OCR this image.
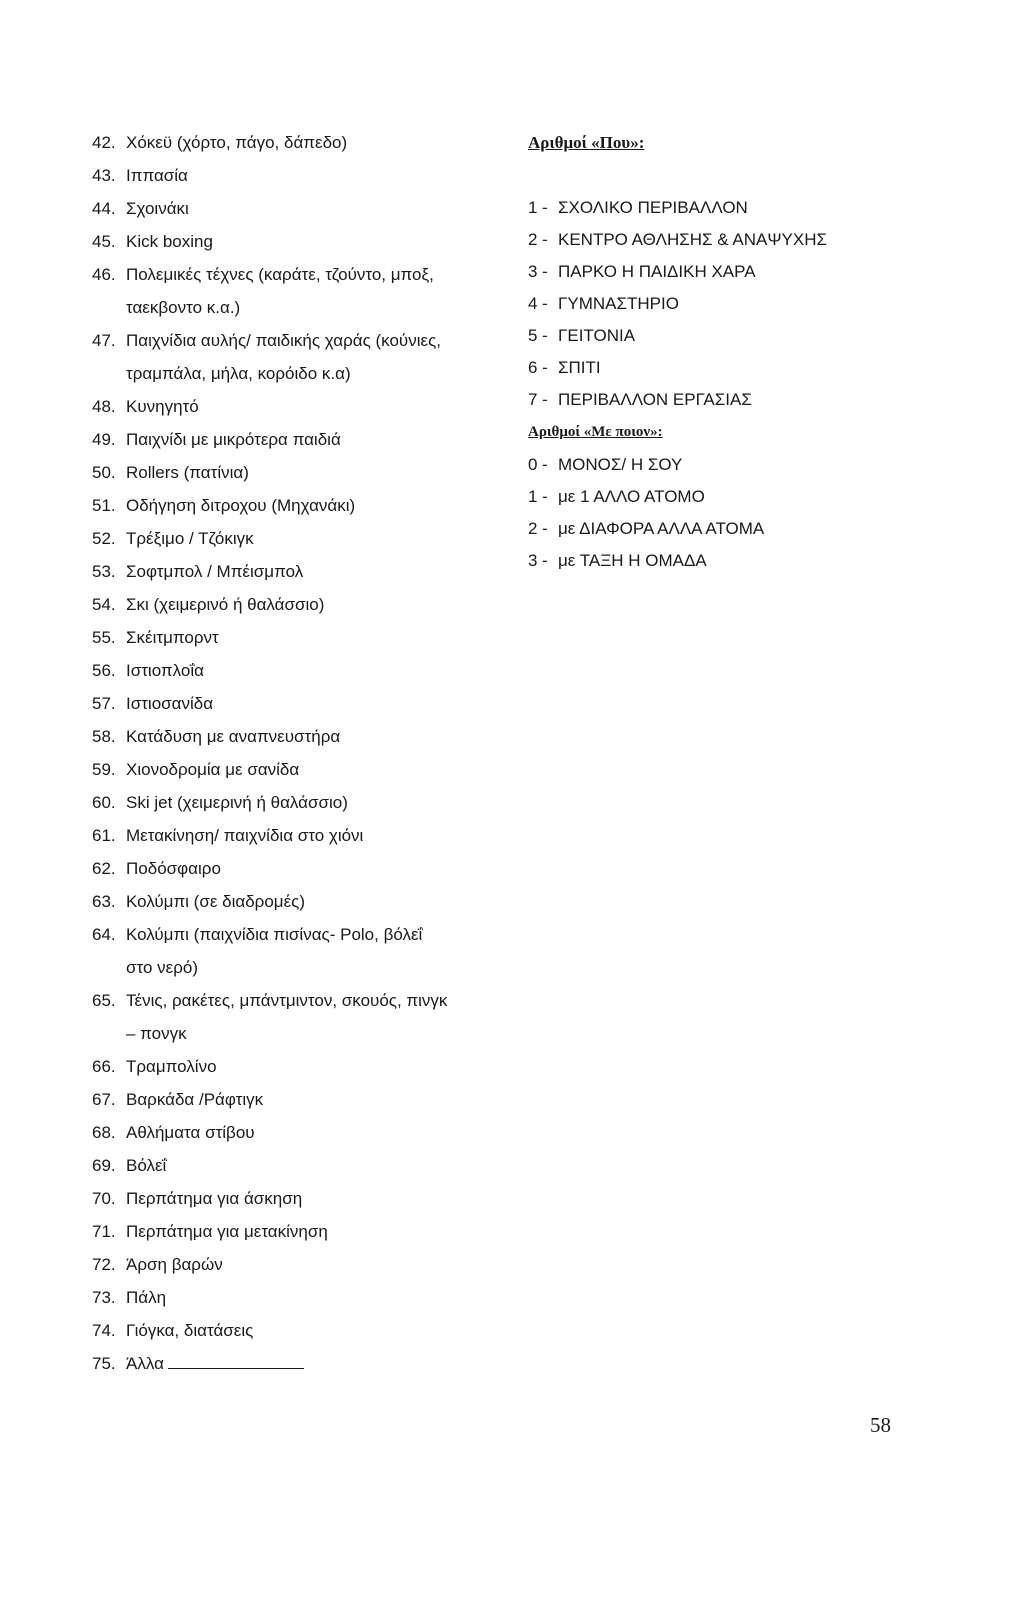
42. Χόκεϋ (χόρτο, πάγο, δάπεδο)
43. Ιππασία
44. Σχοινάκι
45. Kick boxing
46. Πολεμικές τέχνες (καράτε, τζούντο, μποξ,
ταεκβοντο κ.α.)
47. Παιχνίδια αυλής/ παιδικής χαράς (κούνιες,
τραμπάλα, μήλα, κορόιδο κ.α)
48. Κυνηγητό
49. Παιχνίδι με μικρότερα παιδιά
50. Rollers (πατίνια)
51. Οδήγηση διτροχου (Μηχανάκι)
52. Τρέξιμο / Τζόκιγκ
53. Σοφτμπολ / Μπέισμπολ
54. Σκι (χειμερινό ή θαλάσσιο)
55. Σκέιτμπορντ
56. Ιστιοπλοΐα
57. Ιστιοσανίδα
58. Κατάδυση με αναπνευστήρα
59. Χιονοδρομία με σανίδα
60. Ski jet (χειμερινή ή θαλάσσιο)
61. Μετακίνηση/ παιχνίδια στο χιόνι
62. Ποδόσφαιρο
63. Κολύμπι (σε διαδρομές)
64. Κολύμπι (παιχνίδια πισίνας- Polo, βόλεΐ
στο νερό)
65. Τένις, ρακέτες, μπάντμιντον, σκουός, πινγκ
– πονγκ
66. Τραμπολίνο
67. Βαρκάδα /Ράφτιγκ
68. Αθλήματα στίβου
69. Βόλεΐ
70. Περπάτημα για άσκηση
71. Περπάτημα για μετακίνηση
72. Άρση βαρών
73. Πάλη
74. Γιόγκα, διατάσεις
75. Άλλα
Αριθμοί «Που»:
1 - ΣΧΟΛΙΚΟ ΠΕΡΙΒΑΛΛΟΝ
2 - ΚΕΝΤΡΟ ΑΘΛΗΣΗΣ & ΑΝΑΨΥΧΗΣ
3 - ΠΑΡΚΟ Η ΠΑΙΔΙΚΗ ΧΑΡΑ
4 - ΓΥΜΝΑΣΤΗΡΙΟ
5 - ΓΕΙΤΟΝΙΑ
6 - ΣΠΙΤΙ
7 - ΠΕΡΙΒΑΛΛΟΝ ΕΡΓΑΣΙΑΣ
Αριθμοί «Με ποιον»:
0 - ΜΟΝΟΣ/ Η ΣΟΥ
1 - με 1 ΑΛΛΟ ΑΤΟΜΟ
2 - με ΔΙΑΦΟΡΑ ΑΛΛΑ ΑΤΟΜΑ
3 - με ΤΑΞΗ Η ΟΜΑΔΑ
58
